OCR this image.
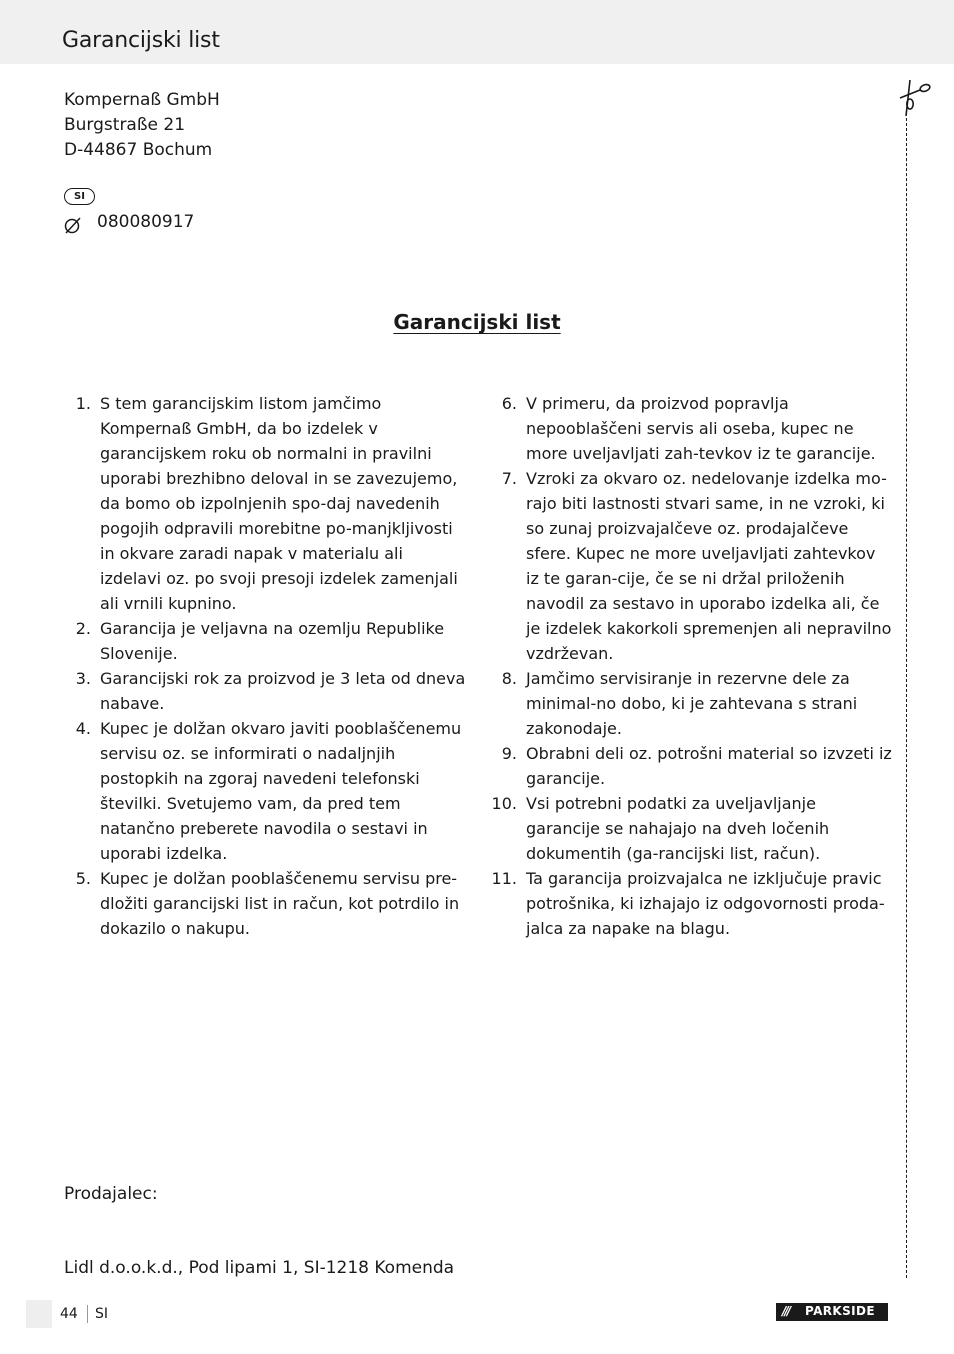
Garancijski list
Kompernaß GmbH
Burgstraße 21
D-44867 Bochum
SI
080080917
Garancijski list
1. S tem garancijskim listom jamčimo Kompernaß GmbH, da bo izdelek v garancijskem roku ob normalni in pravilni uporabi brezhibno deloval in se zavezujemo, da bomo ob izpolnjenih spo-daj navedenih pogojih odpravili morebitne po-manjkljivosti in okvare zaradi napak v materialu ali izdelavi oz. po svoji presoji izdelek zamenjali ali vrnili kupnino.
2. Garancija je veljavna na ozemlju Republike Slovenije.
3. Garancijski rok za proizvod je 3 leta od dneva nabave.
4. Kupec je dolžan okvaro javiti pooblaščenemu servisu oz. se informirati o nadaljnjih postopkih na zgoraj navedeni telefonski številki. Svetujemo vam, da pred tem natančno preberete navodila o sestavi in uporabi izdelka.
5. Kupec je dolžan pooblaščenemu servisu pre-dložiti garancijski list in račun, kot potrdilo in dokazilo o nakupu.
6. V primeru, da proizvod popravlja nepooblaščeni servis ali oseba, kupec ne more uveljavljati zah-tevkov iz te garancije.
7. Vzroki za okvaro oz. nedelovanje izdelka mo-rajo biti lastnosti stvari same, in ne vzroki, ki so zunaj proizvajalčeve oz. prodajalčeve sfere. Kupec ne more uveljavljati zahtevkov iz te garan-cije, če se ni držal priloženih navodil za sestavo in uporabo izdelka ali, če je izdelek kakorkoli spremenjen ali nepravilno vzdrževan.
8. Jamčimo servisiranje in rezervne dele za minimal-no dobo, ki je zahtevana s strani zakonodaje.
9. Obrabni deli oz. potrošni material so izvzeti iz garancije.
10. Vsi potrebni podatki za uveljavljanje garancije se nahajajo na dveh ločenih dokumentih (ga-rancijski list, račun).
11. Ta garancija proizvajalca ne izključuje pravic potrošnika, ki izhajajo iz odgovornosti proda-jalca za napake na blagu.
Prodajalec:
Lidl d.o.o.k.d., Pod lipami 1, SI-1218 Komenda
44 SI	/// PARKSIDE
